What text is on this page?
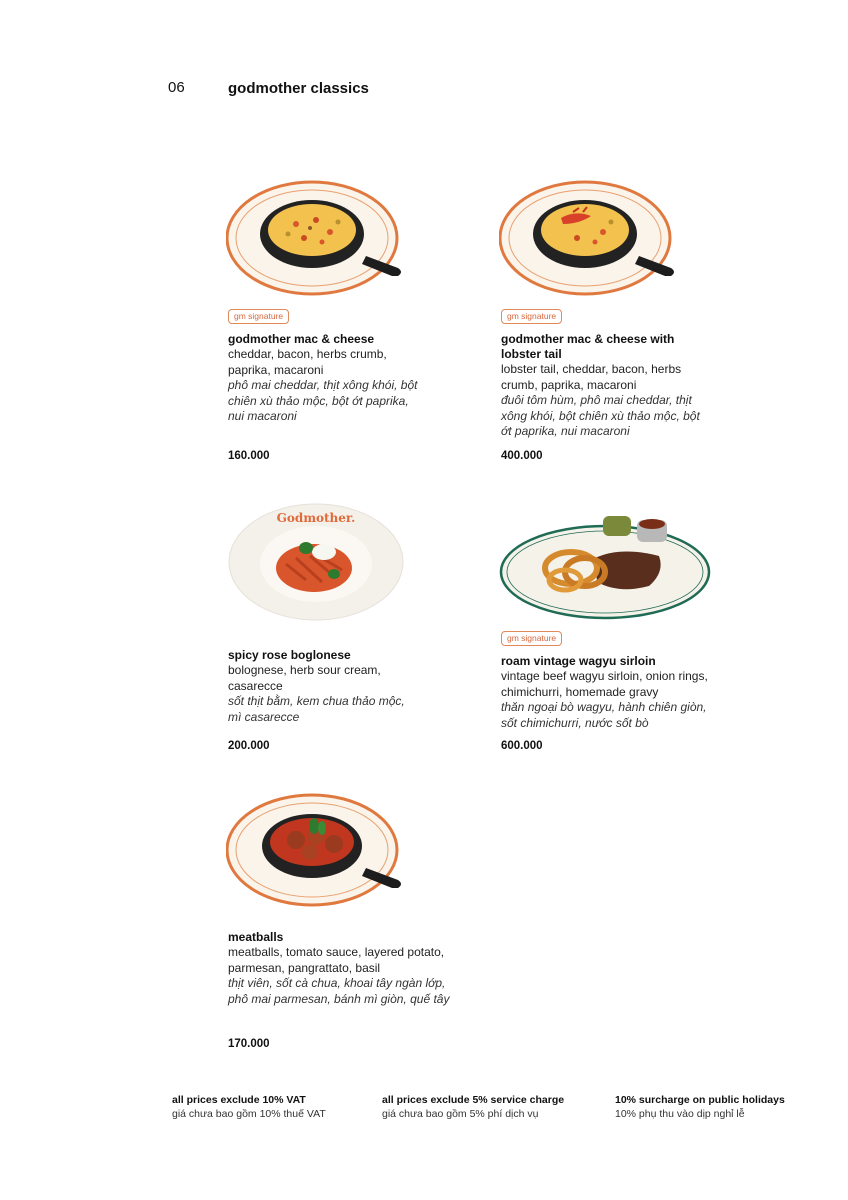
06	godmother classics
gm signature
godmother mac & cheese
cheddar, bacon, herbs crumb, paprika, macaroni
phô mai cheddar, thịt xông khói, bột chiên xù thảo mộc, bột ớt paprika, nui macaroni
160.000
gm signature
godmother mac & cheese with lobster tail
lobster tail, cheddar, bacon, herbs crumb, paprika, macaroni
đuôi tôm hùm, phô mai cheddar, thịt xông khói, bột chiên xù thảo mộc, bột ớt paprika, nui macaroni
400.000
Godmother.
spicy rose boglonese
bolognese, herb sour cream, casarecce
sốt thịt bằm, kem chua thảo mộc, mì casarecce
200.000
gm signature
roam vintage wagyu sirloin
vintage beef wagyu sirloin, onion rings, chimichurri, homemade gravy
thăn ngoại bò wagyu, hành chiên giòn, sốt chimichurri, nước sốt bò
600.000
meatballs
meatballs, tomato sauce, layered potato, parmesan, pangrattato, basil
thịt viên, sốt cà chua, khoai tây ngàn lớp, phô mai parmesan, bánh mì giòn, quế tây
170.000
all prices exclude 10% VAT
giá chưa bao gồm 10% thuế VAT
all prices exclude 5% service charge
giá chưa bao gồm 5% phí dịch vụ
10% surcharge on public holidays
10% phụ thu vào dịp nghỉ lễ
